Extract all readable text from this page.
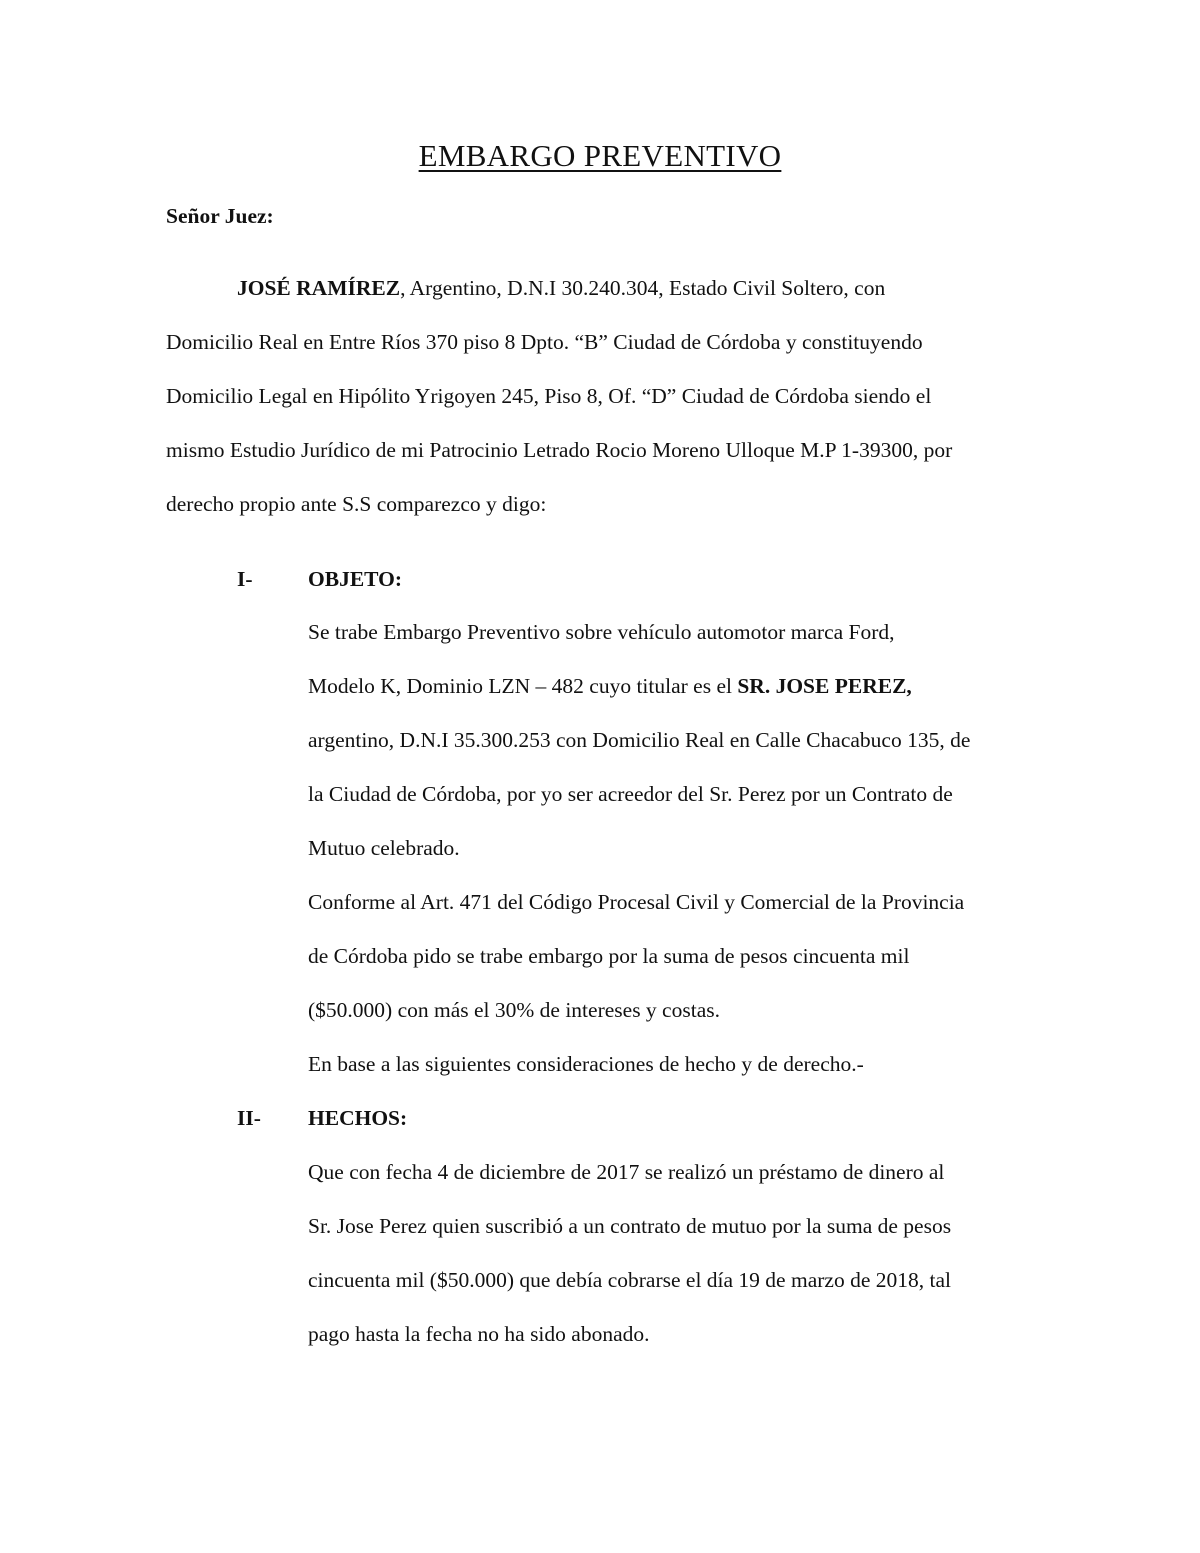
EMBARGO PREVENTIVO
Señor Juez:
JOSÉ RAMÍREZ, Argentino, D.N.I 30.240.304, Estado Civil Soltero, con
Domicilio Real en Entre Ríos 370 piso 8 Dpto. “B” Ciudad de Córdoba y constituyendo
Domicilio Legal en Hipólito Yrigoyen 245, Piso 8, Of. “D” Ciudad de Córdoba siendo el
mismo Estudio Jurídico de mi Patrocinio Letrado Rocio Moreno Ulloque M.P 1-39300, por
derecho propio ante S.S comparezco y digo:
I-	OBJETO:
Se trabe Embargo Preventivo sobre vehículo automotor marca Ford,
Modelo K, Dominio LZN – 482 cuyo titular es el SR. JOSE PEREZ,
argentino, D.N.I 35.300.253 con Domicilio Real en Calle Chacabuco 135, de
la Ciudad de Córdoba, por yo ser acreedor del Sr. Perez por un Contrato de
Mutuo celebrado.
Conforme al Art. 471 del Código Procesal Civil y Comercial de la Provincia
de Córdoba pido se trabe embargo por la suma de pesos cincuenta mil
($50.000) con más el 30% de intereses y costas.
En base a las siguientes consideraciones de hecho y de derecho.-
II- HECHOS:
Que con fecha 4 de diciembre de 2017 se realizó un préstamo de dinero al
Sr. Jose Perez quien suscribió a un contrato de mutuo por la suma de pesos
cincuenta mil ($50.000) que debía cobrarse el día 19 de marzo de 2018, tal
pago hasta la fecha no ha sido abonado.
